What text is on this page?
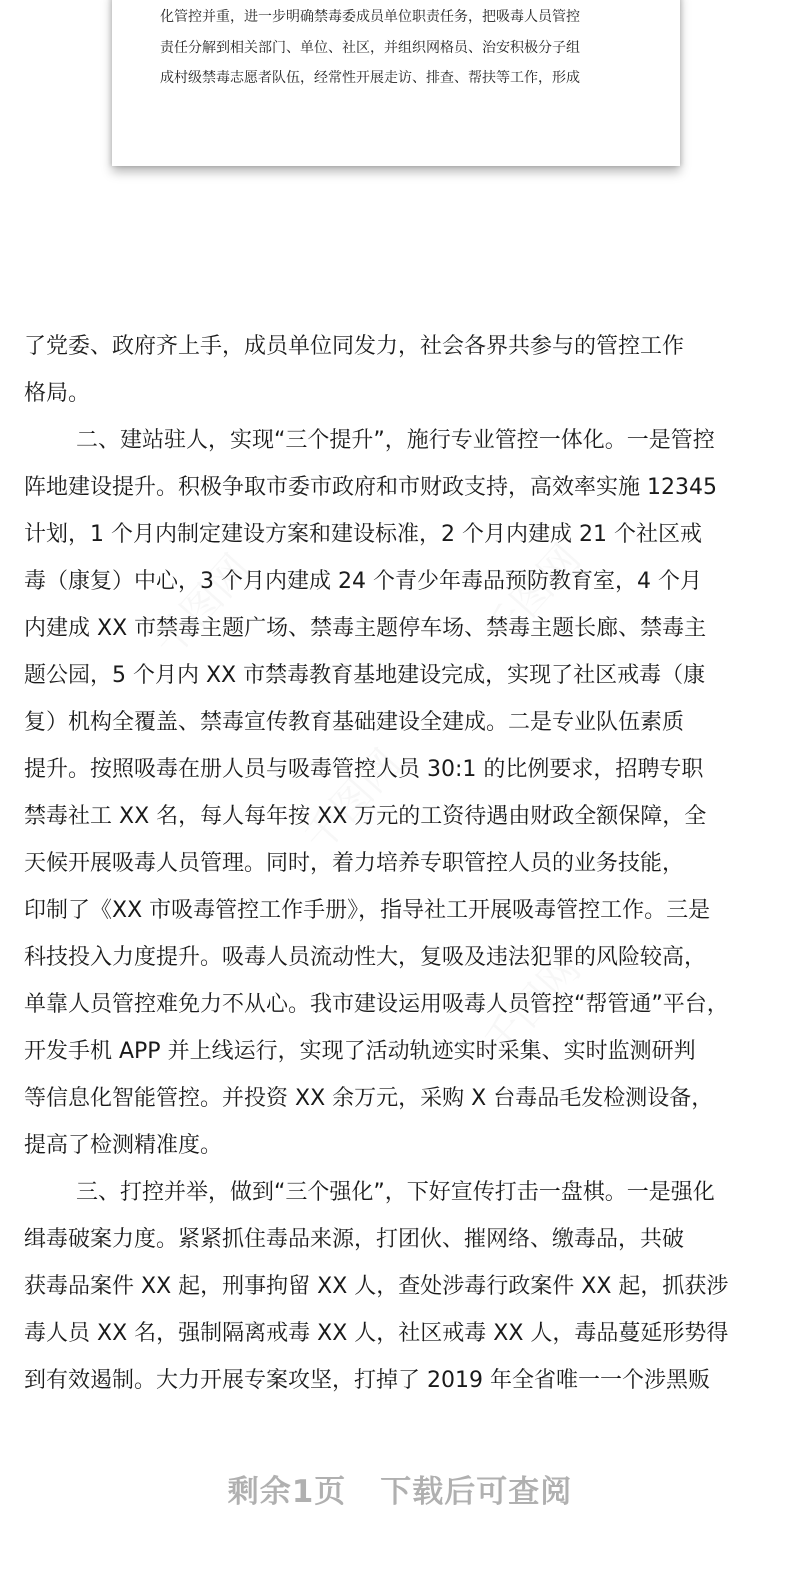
化管控并重，进一步明确禁毒委成员单位职责任务，把吸毒人员管控
责任分解到相关部门、单位、社区，并组织网格员、治安积极分子组
成村级禁毒志愿者队伍，经常性开展走访、排查、帮扶等工作，形成
千图网	千图网
千图网
千图网
了党委、政府齐上手，成员单位同发力，社会各界共参与的管控工作
格局。
二、建站驻人，实现“三个提升”，施行专业管控一体化。一是管控
阵地建设提升。积极争取市委市政府和市财政支持，高效率实施 12345
计划，1 个月内制定建设方案和建设标准，2 个月内建成 21 个社区戒
毒（康复）中心，3 个月内建成 24 个青少年毒品预防教育室，4 个月
内建成 XX 市禁毒主题广场、禁毒主题停车场、禁毒主题长廊、禁毒主
题公园，5 个月内 XX 市禁毒教育基地建设完成，实现了社区戒毒（康
复）机构全覆盖、禁毒宣传教育基础建设全建成。二是专业队伍素质
提升。按照吸毒在册人员与吸毒管控人员 30:1 的比例要求，招聘专职
禁毒社工 XX 名，每人每年按 XX 万元的工资待遇由财政全额保障，全
天候开展吸毒人员管理。同时，着力培养专职管控人员的业务技能，
印制了《XX 市吸毒管控工作手册》，指导社工开展吸毒管控工作。三是
科技投入力度提升。吸毒人员流动性大，复吸及违法犯罪的风险较高，
单靠人员管控难免力不从心。我市建设运用吸毒人员管控“帮管通”平台，
开发手机 APP 并上线运行，实现了活动轨迹实时采集、实时监测研判
等信息化智能管控。并投资 XX 余万元，采购 X 台毒品毛发检测设备，
提高了检测精准度。
三、打控并举，做到“三个强化”，下好宣传打击一盘棋。一是强化
缉毒破案力度。紧紧抓住毒品来源，打团伙、摧网络、缴毒品，共破
获毒品案件 XX 起，刑事拘留 XX 人，查处涉毒行政案件 XX 起，抓获涉
毒人员 XX 名，强制隔离戒毒 XX 人，社区戒毒 XX 人，毒品蔓延形势得
到有效遏制。大力开展专案攻坚，打掉了 2019 年全省唯一一个涉黑贩
剩余1页 下载后可查阅
